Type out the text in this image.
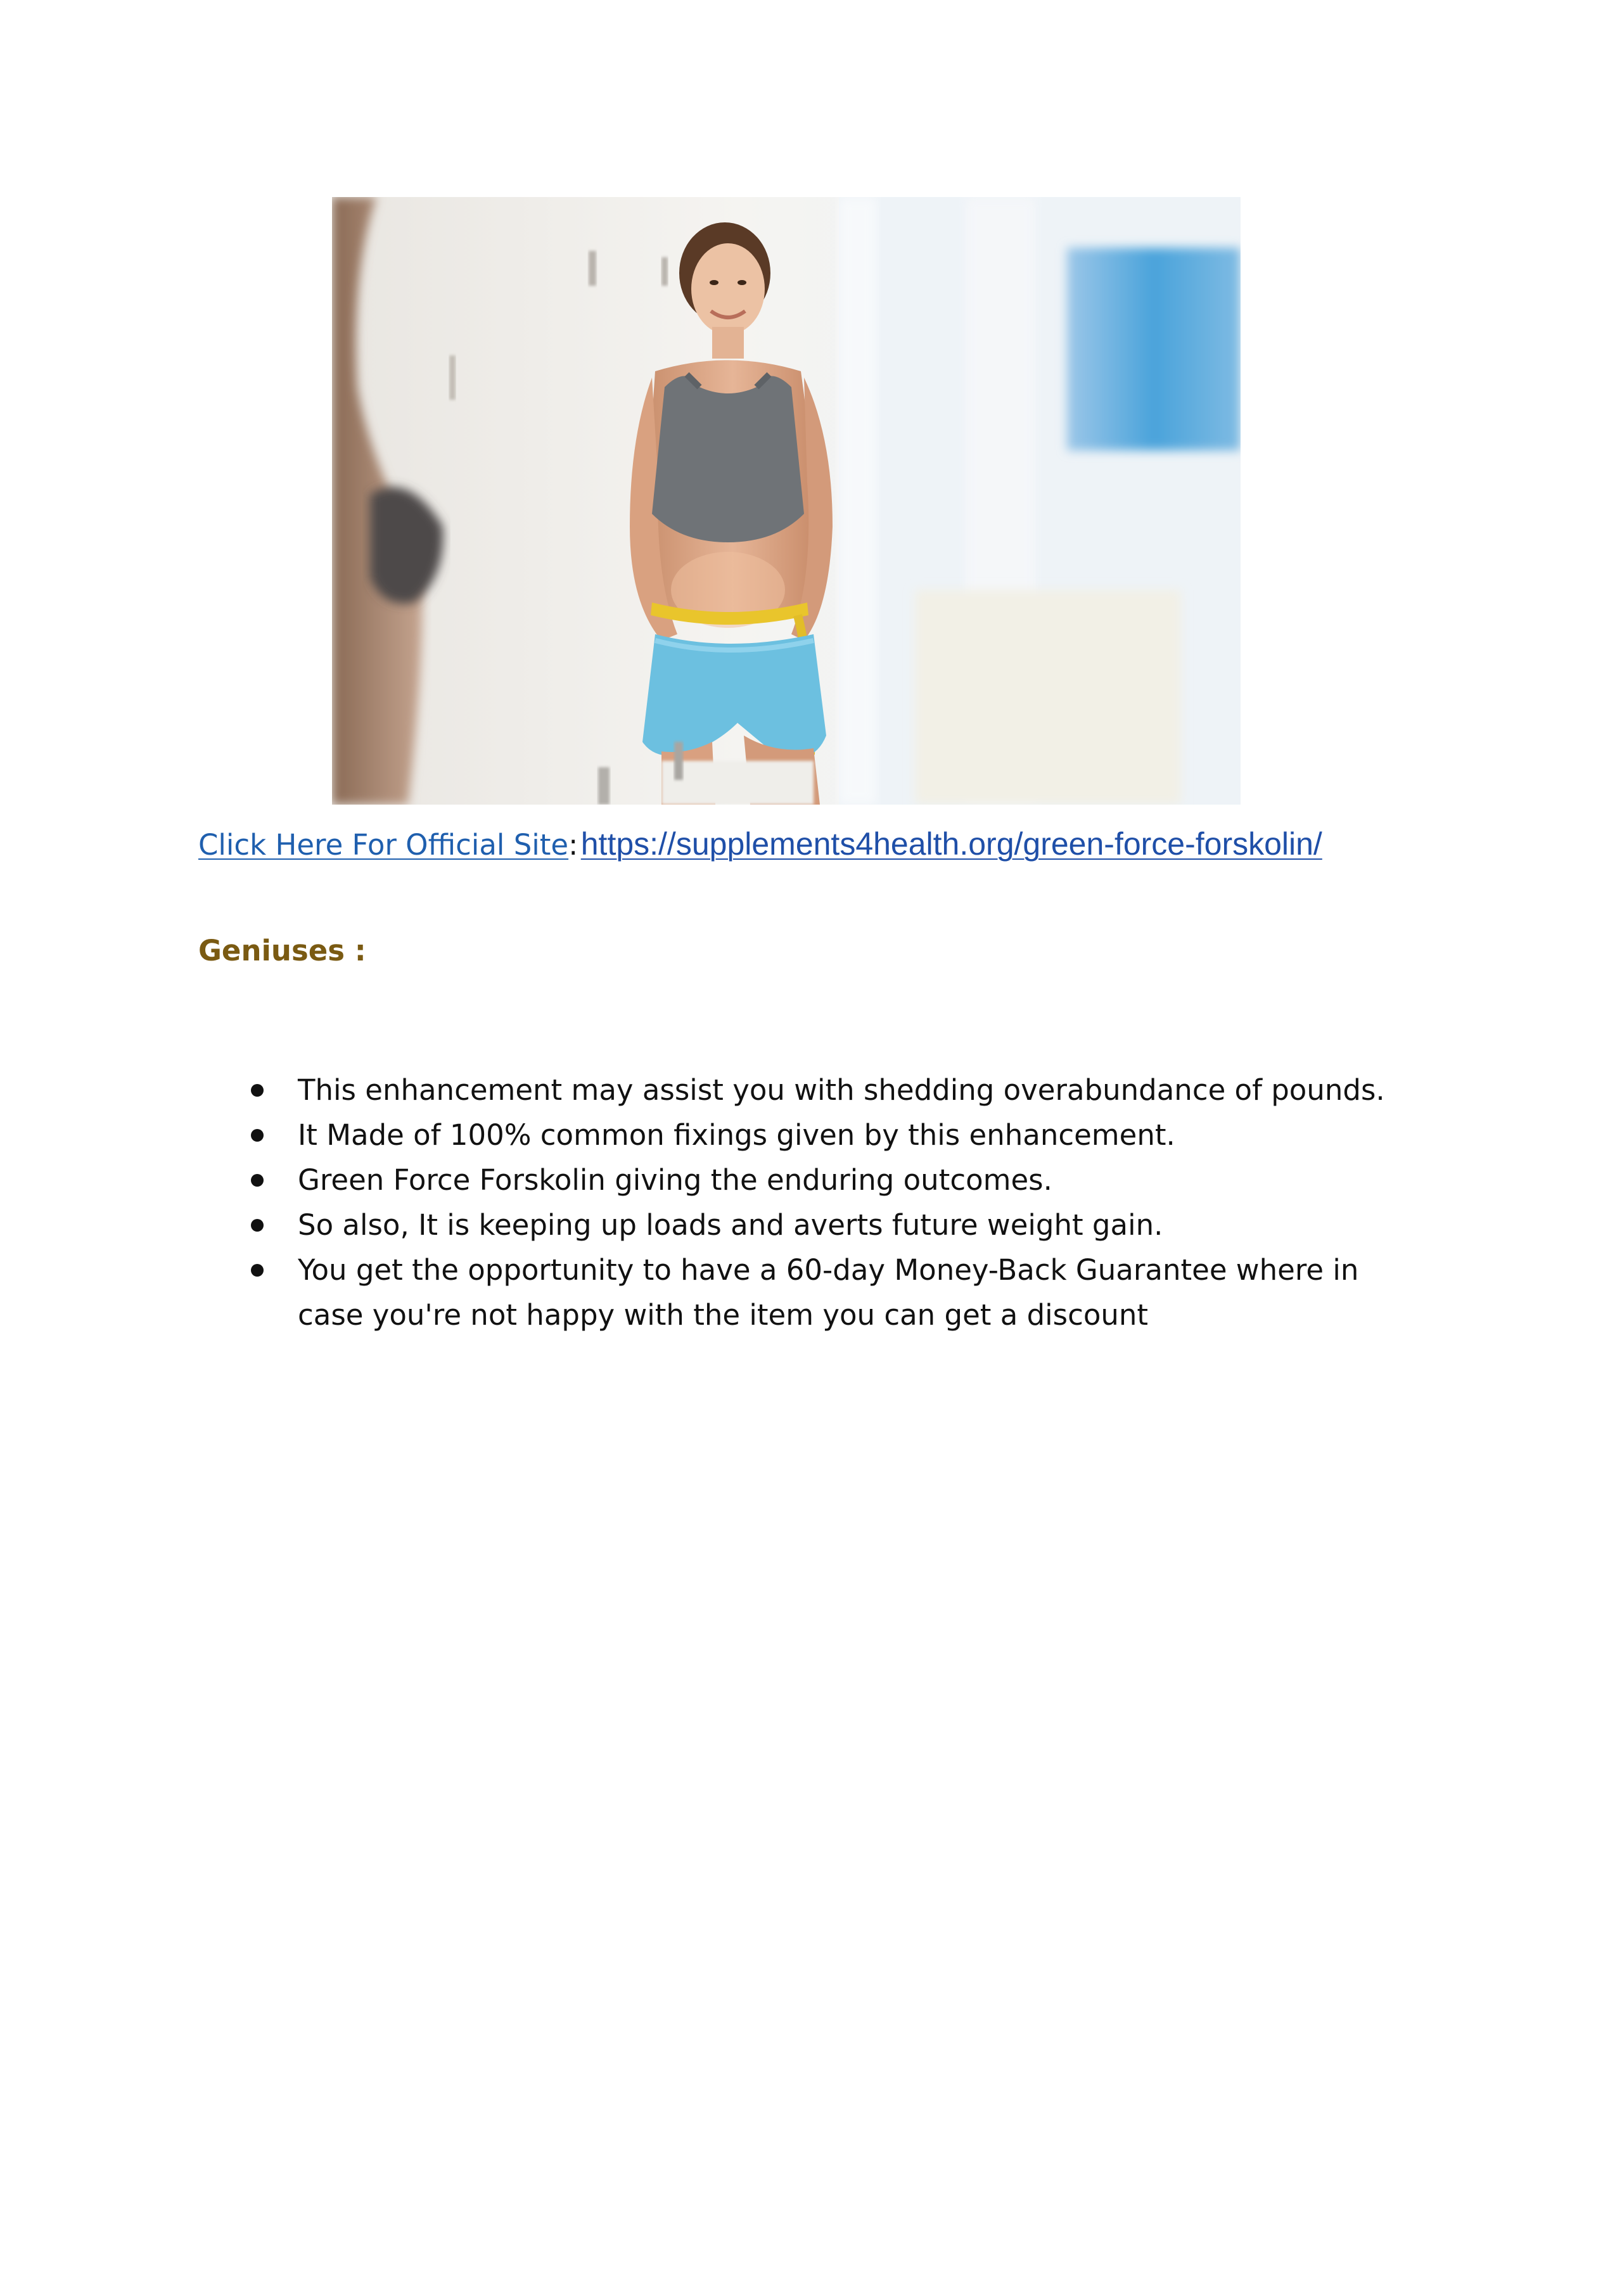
Click Here For Official Site: https://supplements4health.org/green-force-forskolin/
Geniuses :
This enhancement may assist you with shedding overabundance of pounds.
It Made of 100% common fixings given by this enhancement.
Green Force Forskolin giving the enduring outcomes.
So also, It is keeping up loads and averts future weight gain.
You get the opportunity to have a 60-day Money-Back Guarantee where in case you're not happy with the item you can get a discount
